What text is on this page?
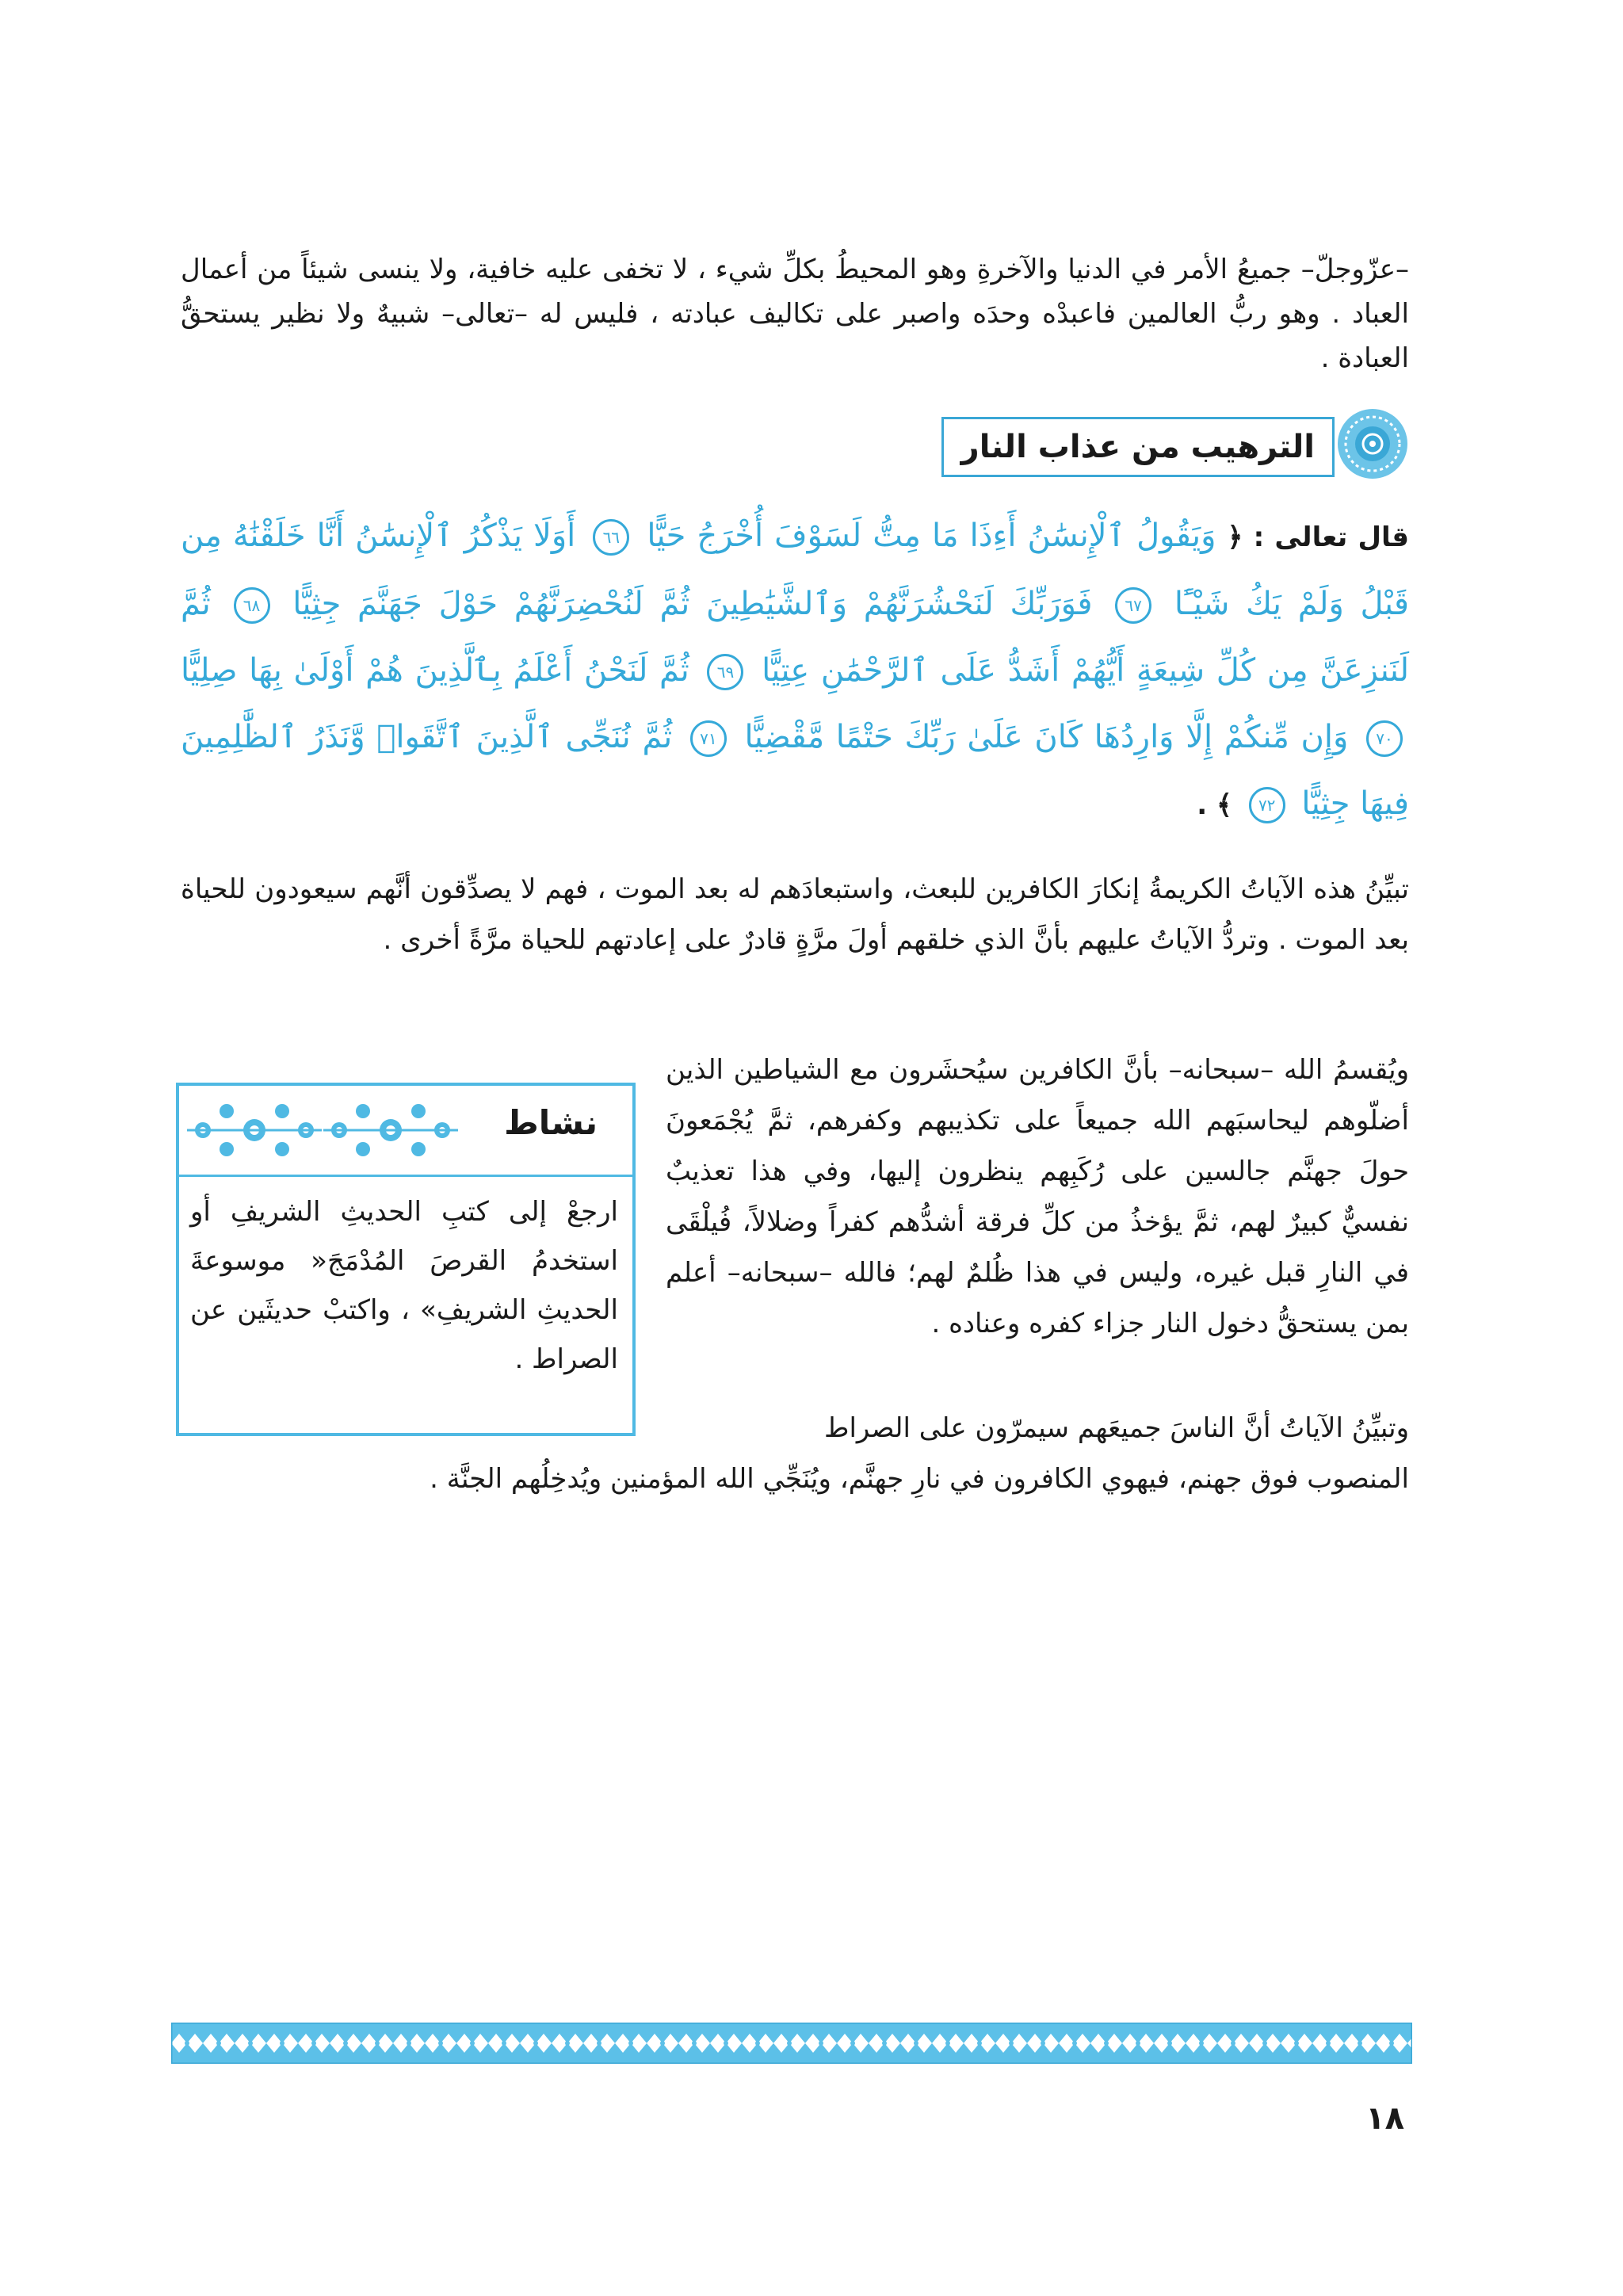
–عزّوجلّ– جميعُ الأمر في الدنيا والآخرةِ وهو المحيطُ بكلِّ شيء ، لا تخفى عليه خافية، ولا ينسى شيئاً من أعمال العباد . وهو ربُّ العالمين فاعبدْه وحدَه واصبر على تكاليف عبادته ، فليس له –تعالى– شبيهٌ ولا نظير يستحقُّ العبادة .
الترهيب من عذاب النار
قال تعالى : ﴿ وَيَقُولُ ٱلْإِنسَٰنُ أَءِذَا مَا مِتُّ لَسَوْفَ أُخْرَجُ حَيًّا ٦٦ أَوَلَا يَذْكُرُ ٱلْإِنسَٰنُ أَنَّا خَلَقْنَٰهُ مِن قَبْلُ وَلَمْ يَكُ شَيْـًٔا ٦٧ فَوَرَبِّكَ لَنَحْشُرَنَّهُمْ وَٱلشَّيَٰطِينَ ثُمَّ لَنُحْضِرَنَّهُمْ حَوْلَ جَهَنَّمَ جِثِيًّا ٦٨ ثُمَّ لَنَنزِعَنَّ مِن كُلِّ شِيعَةٍ أَيُّهُمْ أَشَدُّ عَلَى ٱلرَّحْمَٰنِ عِتِيًّا ٦٩ ثُمَّ لَنَحْنُ أَعْلَمُ بِٱلَّذِينَ هُمْ أَوْلَىٰ بِهَا صِلِيًّا ٧٠ وَإِن مِّنكُمْ إِلَّا وَارِدُهَا كَانَ عَلَىٰ رَبِّكَ حَتْمًا مَّقْضِيًّا ٧١ ثُمَّ نُنَجِّى ٱلَّذِينَ ٱتَّقَوا۟ وَّنَذَرُ ٱلظَّٰلِمِينَ فِيهَا جِثِيًّا ٧٢ ﴾ .
تبيِّنُ هذه الآياتُ الكريمةُ إنكارَ الكافرين للبعث، واستبعادَهم له بعد الموت ، فهم لا يصدِّقون أنَّهم سيعودون للحياة بعد الموت . وتردُّ الآياتُ عليهم بأنَّ الذي خلقهم أولَ مرَّةٍ قادرٌ على إعادتهم للحياة مرَّةً أخرى .
ويُقسمُ الله –سبحانه– بأنَّ الكافرين سيُحشَرون مع الشياطين الذين أضلّوهم ليحاسبَهم الله جميعاً على تكذيبهم وكفرهم، ثمَّ يُجْمَعونَ حولَ جهنَّم جالسين على رُكَبِهم ينظرون إليها، وفي هذا تعذيبٌ نفسيٌّ كبيرٌ لهم، ثمَّ يؤخذُ من كلِّ فرقة أشدُّهم كفراً وضلالاً، فُيلْقَى في النارِ قبل غيره، وليس في هذا ظُلمٌ لهم؛ فالله –سبحانه– أعلم بمن يستحقُّ دخول النار جزاء كفره وعناده .
وتبيِّنُ الآياتُ أنَّ الناسَ جميعَهم سيمرّون على الصراط
المنصوب فوق جهنم، فيهوي الكافرون في نارِ جهنَّم، ويُنَجِّي الله المؤمنين ويُدخِلُهم الجنَّة .
نشاط
ارجعْ إلى كتبِ الحديثِ الشريفِ أو استخدمُ القرصَ المُدْمَجَ« موسوعةَ الحديثِ الشريفِ» ، واكتبْ حديثَين عن الصراط .
١٨
